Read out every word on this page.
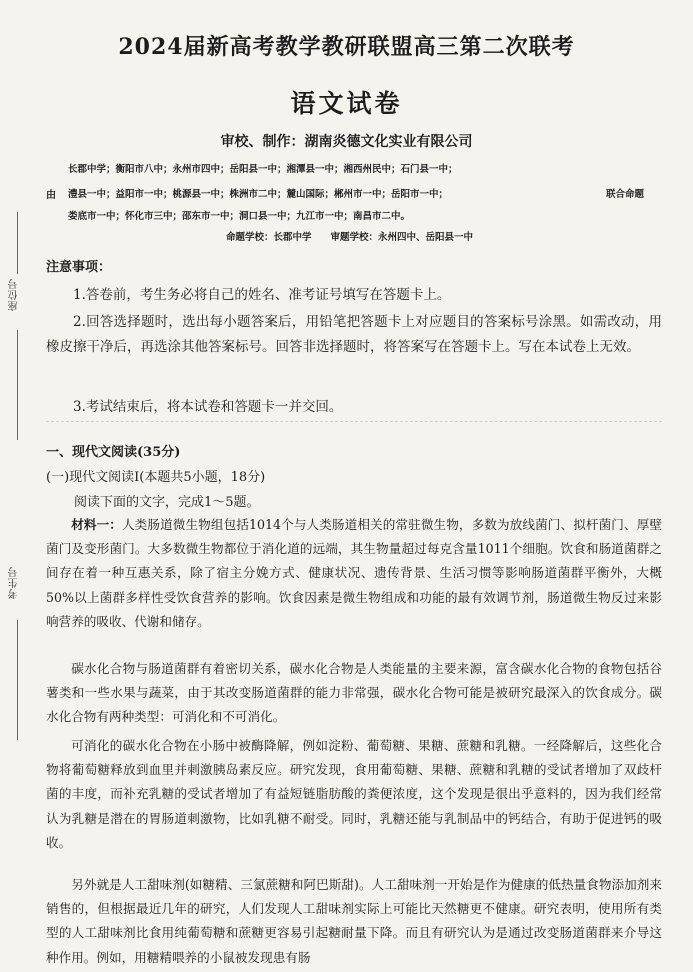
2024届新高考教学教研联盟高三第二次联考
语文试卷
审校、制作：湖南炎德文化实业有限公司
长郡中学；衡阳市八中；永州市四中；岳阳县一中；湘潭县一中；湘西州民中；石门县一中；
由 澧县一中；益阳市一中；桃源县一中；株洲市二中；麓山国际；郴州市一中；岳阳市一中；	联合命题
娄底市一中；怀化市三中；邵东市一中；洞口县一中；九江市一中；南昌市二中。
命题学校：长郡中学　　审题学校：永州四中、岳阳县一中
座位号
考生号
注意事项：
1.答卷前，考生务必将自己的姓名、准考证号填写在答题卡上。
2.回答选择题时，选出每小题答案后，用铅笔把答题卡上对应题目的答案标号涂黑。如需改动，用橡皮擦干净后，再选涂其他答案标号。回答非选择题时，将答案写在答题卡上。写在本试卷上无效。
3.考试结束后，将本试卷和答题卡一并交回。
一、现代文阅读(35分)
(一)现代文阅读Ⅰ(本题共5小题，18分)
阅读下面的文字，完成1～5题。
材料一：人类肠道微生物组包括1014个与人类肠道相关的常驻微生物，多数为放线菌门、拟杆菌门、厚壁菌门及变形菌门。大多数微生物都位于消化道的远端，其生物量超过每克含量1011个细胞。饮食和肠道菌群之间存在着一种互惠关系，除了宿主分娩方式、健康状况、遗传背景、生活习惯等影响肠道菌群平衡外，大概50%以上菌群多样性受饮食营养的影响。饮食因素是微生物组成和功能的最有效调节剂，肠道微生物反过来影响营养的吸收、代谢和储存。
碳水化合物与肠道菌群有着密切关系，碳水化合物是人类能量的主要来源，富含碳水化合物的食物包括谷薯类和一些水果与蔬菜，由于其改变肠道菌群的能力非常强，碳水化合物可能是被研究最深入的饮食成分。碳水化合物有两种类型：可消化和不可消化。
可消化的碳水化合物在小肠中被酶降解，例如淀粉、葡萄糖、果糖、蔗糖和乳糖。一经降解后，这些化合物将葡萄糖释放到血里并刺激胰岛素反应。研究发现，食用葡萄糖、果糖、蔗糖和乳糖的受试者增加了双歧杆菌的丰度，而补充乳糖的受试者增加了有益短链脂肪酸的粪便浓度，这个发现是很出乎意料的，因为我们经常认为乳糖是潜在的胃肠道刺激物，比如乳糖不耐受。同时，乳糖还能与乳制品中的钙结合，有助于促进钙的吸收。
另外就是人工甜味剂(如糖精、三氯蔗糖和阿巴斯甜)。人工甜味剂一开始是作为健康的低热量食物添加剂来销售的，但根据最近几年的研究，人们发现人工甜味剂实际上可能比天然糖更不健康。研究表明，使用所有类型的人工甜味剂比食用纯葡萄糖和蔗糖更容易引起糖耐量下降。而且有研究认为是通过改变肠道菌群来介导这种作用。例如，用糖精喂养的小鼠被发现患有肠
